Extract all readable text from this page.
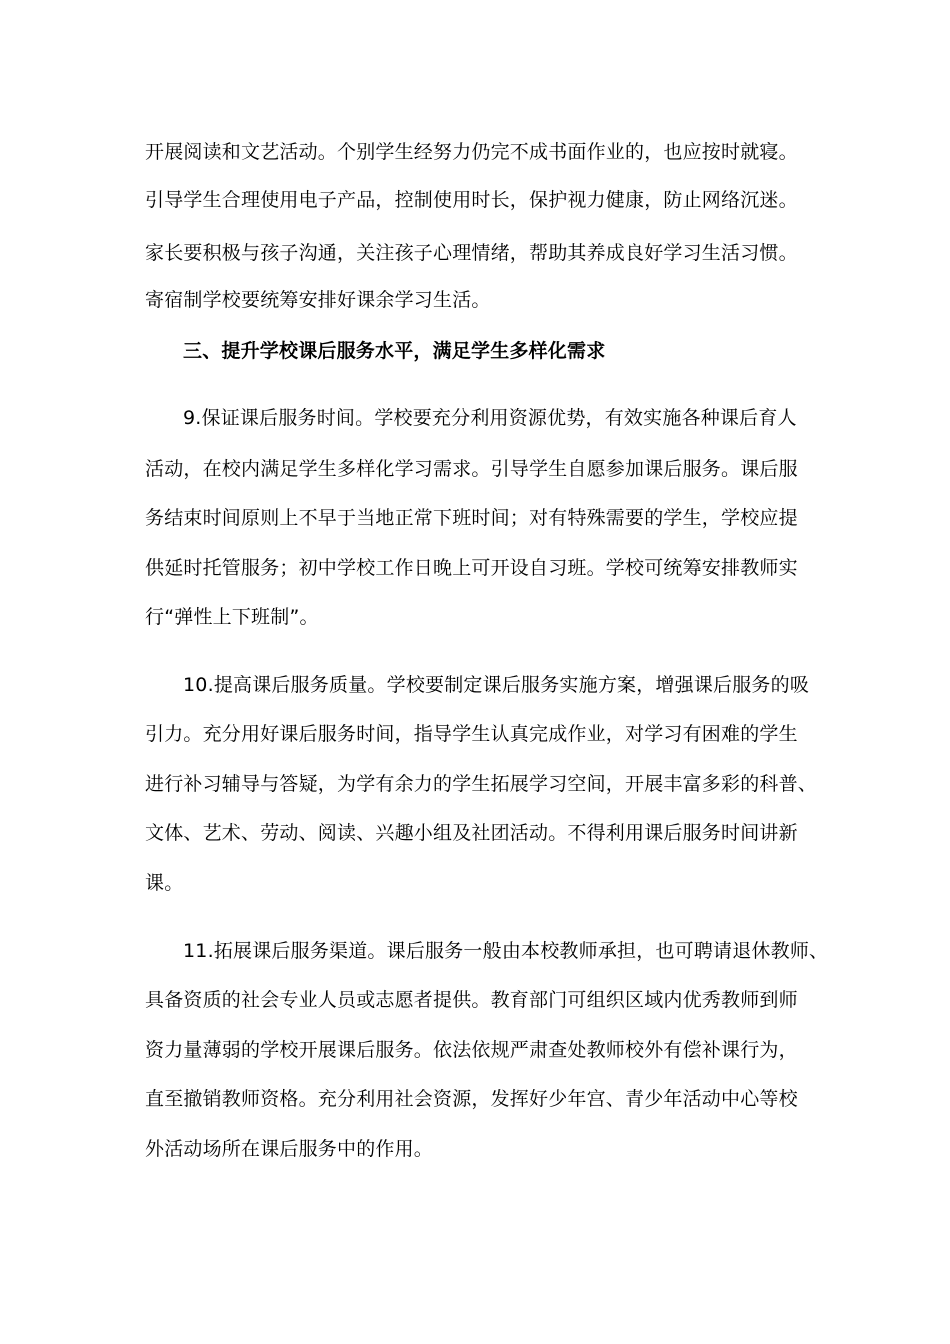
开展阅读和文艺活动。个别学生经努力仍完不成书面作业的，也应按时就寝。
引导学生合理使用电子产品，控制使用时长，保护视力健康，防止网络沉迷。
家长要积极与孩子沟通，关注孩子心理情绪，帮助其养成良好学习生活习惯。
寄宿制学校要统筹安排好课余学习生活。
三、提升学校课后服务水平，满足学生多样化需求
9.保证课后服务时间。学校要充分利用资源优势，有效实施各种课后育人
活动，在校内满足学生多样化学习需求。引导学生自愿参加课后服务。课后服
务结束时间原则上不早于当地正常下班时间；对有特殊需要的学生，学校应提
供延时托管服务；初中学校工作日晚上可开设自习班。学校可统筹安排教师实
行“弹性上下班制”。
10.提高课后服务质量。学校要制定课后服务实施方案，增强课后服务的吸
引力。充分用好课后服务时间，指导学生认真完成作业，对学习有困难的学生
进行补习辅导与答疑，为学有余力的学生拓展学习空间，开展丰富多彩的科普、
文体、艺术、劳动、阅读、兴趣小组及社团活动。不得利用课后服务时间讲新
课。
11.拓展课后服务渠道。课后服务一般由本校教师承担，也可聘请退休教师、
具备资质的社会专业人员或志愿者提供。教育部门可组织区域内优秀教师到师
资力量薄弱的学校开展课后服务。依法依规严肃查处教师校外有偿补课行为，
直至撤销教师资格。充分利用社会资源，发挥好少年宫、青少年活动中心等校
外活动场所在课后服务中的作用。
